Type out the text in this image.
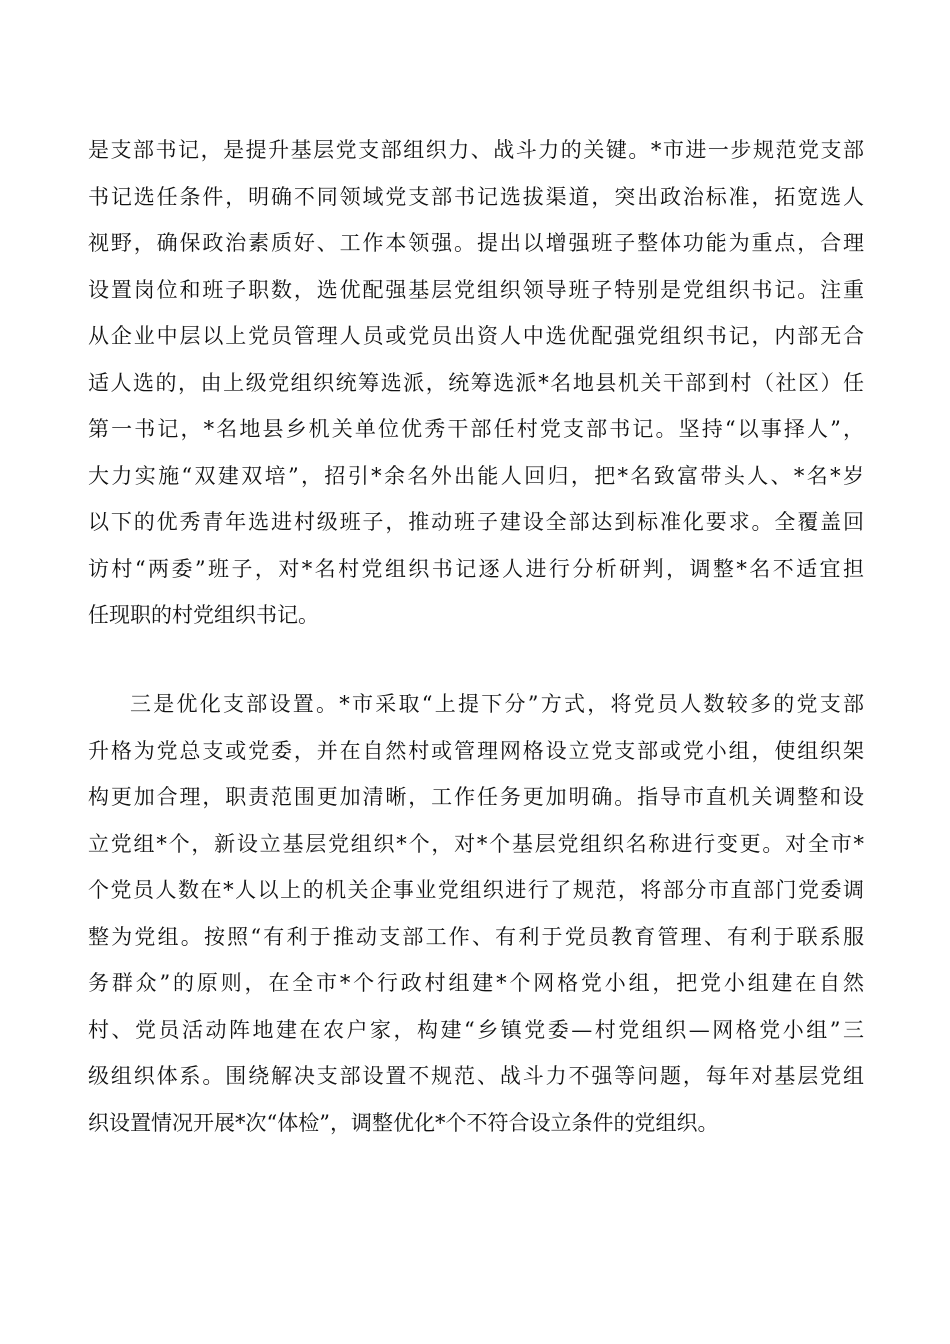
是支部书记，是提升基层党支部组织力、战斗力的关键。*市进一步规范党支部
书记选任条件，明确不同领域党支部书记选拔渠道，突出政治标准，拓宽选人
视野，确保政治素质好、工作本领强。提出以增强班子整体功能为重点，合理
设置岗位和班子职数，选优配强基层党组织领导班子特别是党组织书记。注重
从企业中层以上党员管理人员或党员出资人中选优配强党组织书记，内部无合
适人选的，由上级党组织统筹选派，统筹选派*名地县机关干部到村（社区）任
第一书记，*名地县乡机关单位优秀干部任村党支部书记。坚持“以事择人”，
大力实施“双建双培”，招引*余名外出能人回归，把*名致富带头人、*名*岁
以下的优秀青年选进村级班子，推动班子建设全部达到标准化要求。全覆盖回
访村“两委”班子，对*名村党组织书记逐人进行分析研判，调整*名不适宜担
任现职的村党组织书记。
三是优化支部设置。*市采取“上提下分”方式，将党员人数较多的党支部
升格为党总支或党委，并在自然村或管理网格设立党支部或党小组，使组织架
构更加合理，职责范围更加清晰，工作任务更加明确。指导市直机关调整和设
立党组*个，新设立基层党组织*个，对*个基层党组织名称进行变更。对全市*
个党员人数在*人以上的机关企事业党组织进行了规范，将部分市直部门党委调
整为党组。按照“有利于推动支部工作、有利于党员教育管理、有利于联系服
务群众”的原则，在全市*个行政村组建*个网格党小组，把党小组建在自然
村、党员活动阵地建在农户家，构建“乡镇党委—村党组织—网格党小组”三
级组织体系。围绕解决支部设置不规范、战斗力不强等问题，每年对基层党组
织设置情况开展*次“体检”，调整优化*个不符合设立条件的党组织。
